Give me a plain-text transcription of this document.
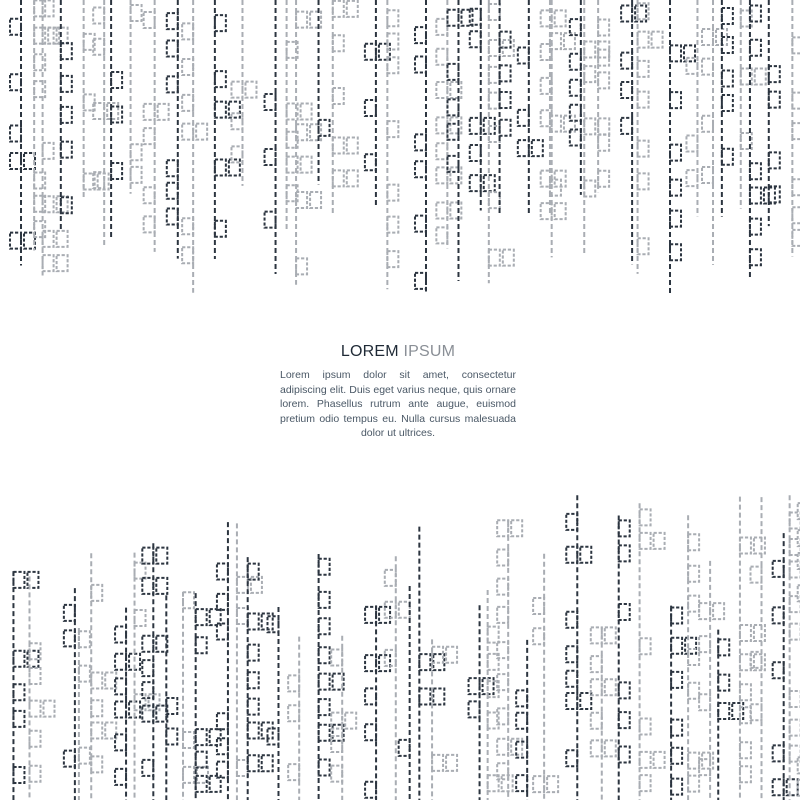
LOREM IPSUM

Lorem ipsum dolor sit amet, consectetur adipiscing elit. Duis eget varius neque, quis ornare lorem. Phasellus rutrum ante augue, euismod pretium odio tempus eu. Nulla cursus malesuada dolor ut ultrices.
